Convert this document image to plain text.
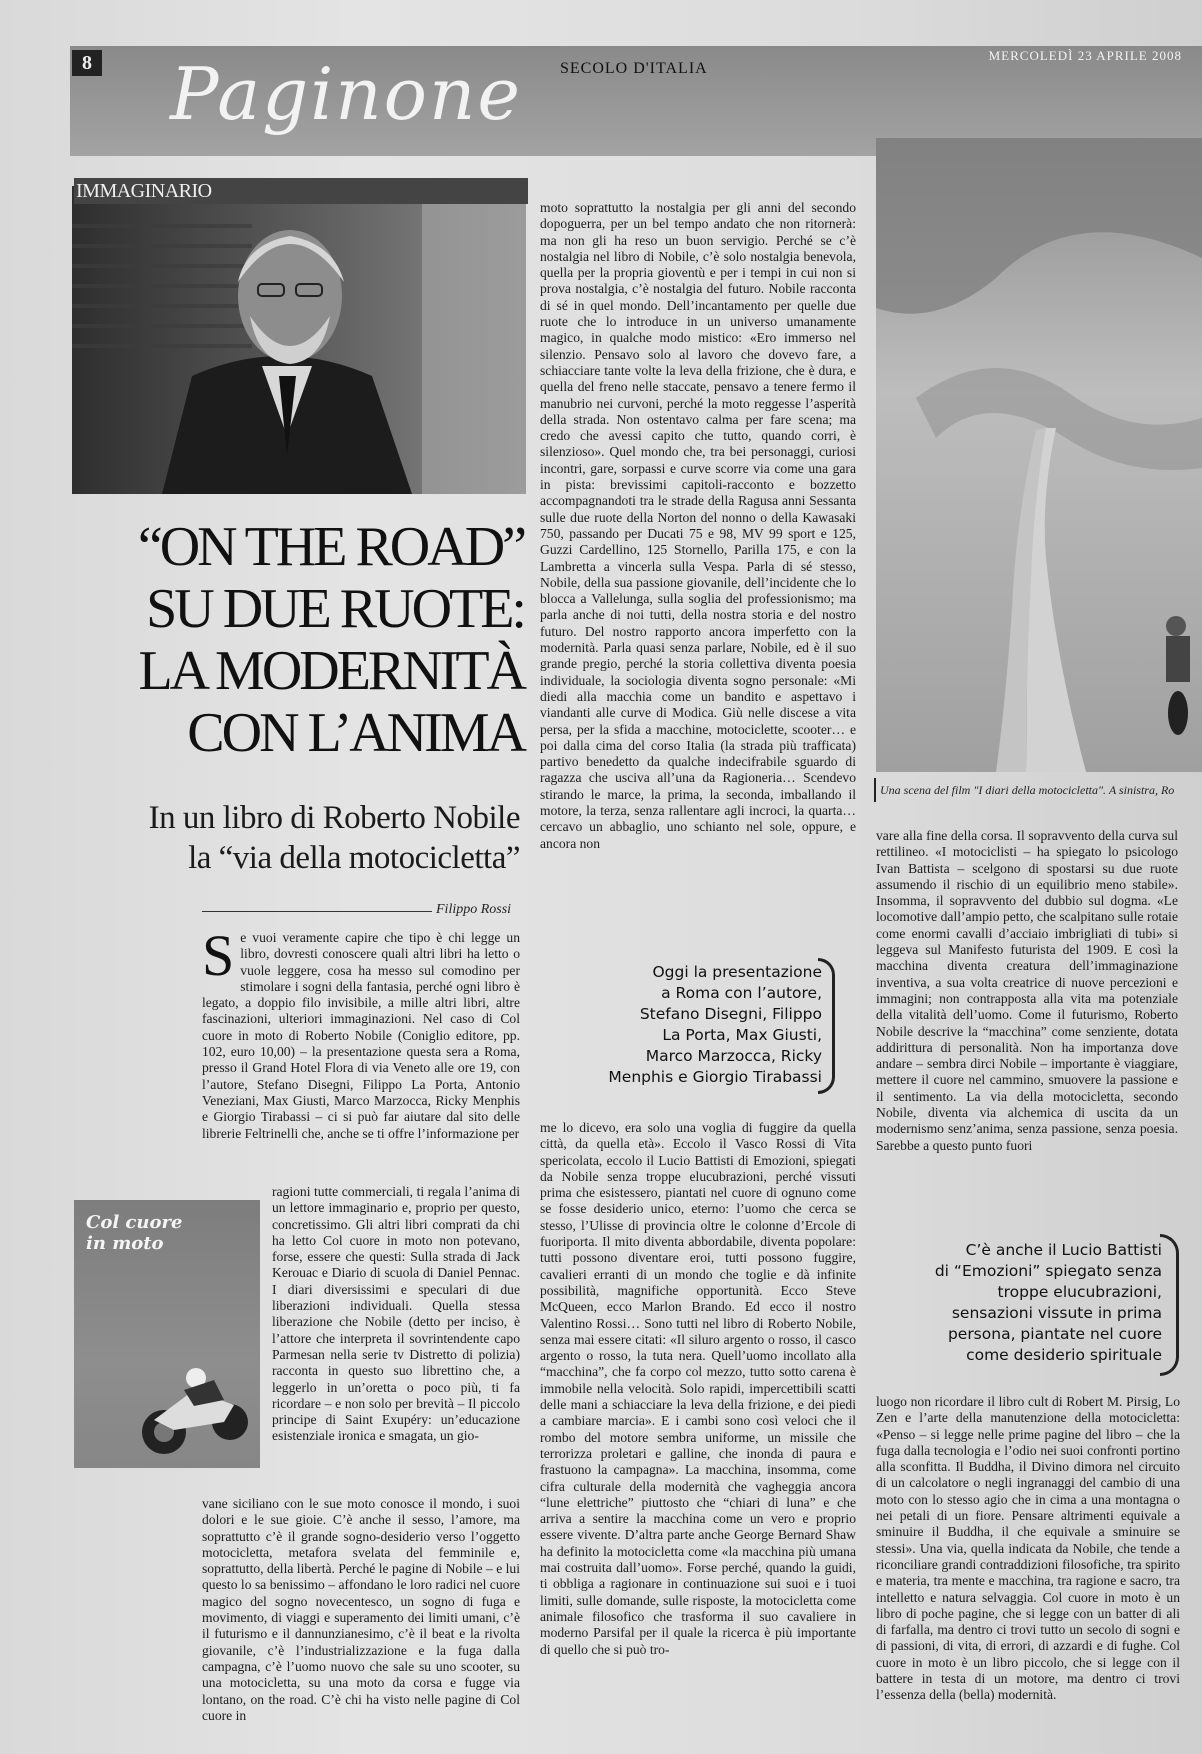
8 Paginone SECOLO D'ITALIA
MERCOLEDÌ 23 APRILE 2008
IMMAGINARIO
“ON THE ROAD”
SU DUE RUOTE:
LA MODERNITÀ
CON L’ANIMA
In un libro di Roberto Nobile
la “via della motocicletta”
Filippo Rossi
Se vuoi veramente capire che tipo è chi legge un libro, dovresti conoscere quali altri libri ha letto o vuole leggere, cosa ha messo sul comodino per stimolare i sogni della fantasia, perché ogni libro è legato, a doppio filo invisibile, a mille altri libri, altre fascinazioni, ulteriori immaginazioni. Nel caso di Col cuore in moto di Roberto Nobile (Coniglio editore, pp. 102, euro 10,00) – la presentazione questa sera a Roma, presso il Grand Hotel Flora di via Veneto alle ore 19, con l’autore, Stefano Disegni, Filippo La Porta, Antonio Veneziani, Max Giusti, Marco Marzocca, Ricky Menphis e Giorgio Tirabassi – ci si può far aiutare dal sito delle librerie Feltrinelli che, anche se ti offre l’informazione per
Col cuore
in moto
ragioni tutte commerciali, ti regala l’anima di un lettore immaginario e, proprio per questo, concretissimo. Gli altri libri comprati da chi ha letto Col cuore in moto non potevano, forse, essere che questi: Sulla strada di Jack Kerouac e Diario di scuola di Daniel Pennac. I diari diversissimi e speculari di due liberazioni individuali. Quella stessa liberazione che Nobile (detto per inciso, è l’attore che interpreta il sovrintendente capo Parmesan nella serie tv Distretto di polizia) racconta in questo suo librettino che, a leggerlo in un’oretta o poco più, ti fa ricordare – e non solo per brevità – Il piccolo principe di Saint Exupéry: un’educazione esistenziale ironica e smagata, un gio-
vane siciliano con le sue moto conosce il mondo, i suoi dolori e le sue gioie. C’è anche il sesso, l’amore, ma soprattutto c’è il grande sogno-desiderio verso l’oggetto motocicletta, metafora svelata del femminile e, soprattutto, della libertà. Perché le pagine di Nobile – e lui questo lo sa benissimo – affondano le loro radici nel cuore magico del sogno novecentesco, un sogno di fuga e movimento, di viaggi e superamento dei limiti umani, c’è il futurismo e il dannunzianesimo, c’è il beat e la rivolta giovanile, c’è l’industrializzazione e la fuga dalla campagna, c’è l’uomo nuovo che sale su uno scooter, su una motocicletta, su una moto da corsa e fugge via lontano, on the road. C’è chi ha visto nelle pagine di Col cuore in
moto soprattutto la nostalgia per gli anni del secondo dopoguerra, per un bel tempo andato che non ritornerà: ma non gli ha reso un buon servigio. Perché se c’è nostalgia nel libro di Nobile, c’è solo nostalgia benevola, quella per la propria gioventù e per i tempi in cui non si prova nostalgia, c’è nostalgia del futuro. Nobile racconta di sé in quel mondo. Dell’incantamento per quelle due ruote che lo introduce in un universo umanamente magico, in qualche modo mistico: «Ero immerso nel silenzio. Pensavo solo al lavoro che dovevo fare, a schiacciare tante volte la leva della frizione, che è dura, e quella del freno nelle staccate, pensavo a tenere fermo il manubrio nei curvoni, perché la moto reggesse l’asperità della strada. Non ostentavo calma per fare scena; ma credo che avessi capito che tutto, quando corri, è silenzioso». Quel mondo che, tra bei personaggi, curiosi incontri, gare, sorpassi e curve scorre via come una gara in pista: brevissimi capitoli-racconto e bozzetto accompagnandoti tra le strade della Ragusa anni Sessanta sulle due ruote della Norton del nonno o della Kawasaki 750, passando per Ducati 75 e 98, MV 99 sport e 125, Guzzi Cardellino, 125 Stornello, Parilla 175, e con la Lambretta a vincerla sulla Vespa. Parla di sé stesso, Nobile, della sua passione giovanile, dell’incidente che lo blocca a Vallelunga, sulla soglia del professionismo; ma parla anche di noi tutti, della nostra storia e del nostro futuro. Del nostro rapporto ancora imperfetto con la modernità. Parla quasi senza parlare, Nobile, ed è il suo grande pregio, perché la storia collettiva diventa poesia individuale, la sociologia diventa sogno personale: «Mi diedi alla macchia come un bandito e aspettavo i viandanti alle curve di Modica. Giù nelle discese a vita persa, per la sfida a macchine, motociclette, scooter… e poi dalla cima del corso Italia (la strada più trafficata) partivo benedetto da qualche indecifrabile sguardo di ragazza che usciva all’una da Ragioneria… Scendevo stirando le marce, la prima, la seconda, imballando il motore, la terza, senza rallentare agli incroci, la quarta… cercavo un abbaglio, uno schianto nel sole, oppure, e ancora non
Oggi la presentazione
a Roma con l’autore,
Stefano Disegni, Filippo
La Porta, Max Giusti,
Marco Marzocca, Ricky
Menphis e Giorgio Tirabassi
me lo dicevo, era solo una voglia di fuggire da quella città, da quella età». Eccolo il Vasco Rossi di Vita spericolata, eccolo il Lucio Battisti di Emozioni, spiegati da Nobile senza troppe elucubrazioni, perché vissuti prima che esistessero, piantati nel cuore di ognuno come se fosse desiderio unico, eterno: l’uomo che cerca se stesso, l’Ulisse di provincia oltre le colonne d’Ercole di fuoriporta. Il mito diventa abbordabile, diventa popolare: tutti possono diventare eroi, tutti possono fuggire, cavalieri erranti di un mondo che toglie e dà infinite possibilità, magnifiche opportunità. Ecco Steve McQueen, ecco Marlon Brando. Ed ecco il nostro Valentino Rossi… Sono tutti nel libro di Roberto Nobile, senza mai essere citati: «Il siluro argento o rosso, il casco argento o rosso, la tuta nera. Quell’uomo incollato alla “macchina”, che fa corpo col mezzo, tutto sotto carena è immobile nella velocità. Solo rapidi, impercettibili scatti delle mani a schiacciare la leva della frizione, e dei piedi a cambiare marcia». E i cambi sono così veloci che il rombo del motore sembra uniforme, un missile che terrorizza proletari e galline, che inonda di paura e frastuono la campagna». La macchina, insomma, come cifra culturale della modernità che vagheggia ancora “lune elettriche” piuttosto che “chiari di luna” e che arriva a sentire la macchina come un vero e proprio essere vivente. D’altra parte anche George Bernard Shaw ha definito la motocicletta come «la macchina più umana mai costruita dall’uomo». Forse perché, quando la guidi, ti obbliga a ragionare in continuazione sui suoi e i tuoi limiti, sulle domande, sulle risposte, la motocicletta come animale filosofico che trasforma il suo cavaliere in moderno Parsifal per il quale la ricerca è più importante di quello che si può tro-
Una scena del film "I diari della motocicletta". A sinistra, Ro
vare alla fine della corsa. Il sopravvento della curva sul rettilineo. «I motociclisti – ha spiegato lo psicologo Ivan Battista – scelgono di spostarsi su due ruote assumendo il rischio di un equilibrio meno stabile». Insomma, il sopravvento del dubbio sul dogma. «Le locomotive dall’ampio petto, che scalpitano sulle rotaie come enormi cavalli d’acciaio imbrigliati di tubi» si leggeva sul Manifesto futurista del 1909. E così la macchina diventa creatura dell’immaginazione inventiva, a sua volta creatrice di nuove percezioni e immagini; non contrapposta alla vita ma potenziale della vitalità dell’uomo. Come il futurismo, Roberto Nobile descrive la “macchina” come senziente, dotata addirittura di personalità. Non ha importanza dove andare – sembra dirci Nobile – importante è viaggiare, mettere il cuore nel cammino, smuovere la passione e il sentimento. La via della motocicletta, secondo Nobile, diventa via alchemica di uscita da un modernismo senz’anima, senza passione, senza poesia. Sarebbe a questo punto fuori
C’è anche il Lucio Battisti
di “Emozioni” spiegato senza
troppe elucubrazioni,
sensazioni vissute in prima
persona, piantate nel cuore
come desiderio spirituale
luogo non ricordare il libro cult di Robert M. Pirsig, Lo Zen e l’arte della manutenzione della motocicletta: «Penso – si legge nelle prime pagine del libro – che la fuga dalla tecnologia e l’odio nei suoi confronti portino alla sconfitta. Il Buddha, il Divino dimora nel circuito di un calcolatore o negli ingranaggi del cambio di una moto con lo stesso agio che in cima a una montagna o nei petali di un fiore. Pensare altrimenti equivale a sminuire il Buddha, il che equivale a sminuire se stessi». Una via, quella indicata da Nobile, che tende a riconciliare grandi contraddizioni filosofiche, tra spirito e materia, tra mente e macchina, tra ragione e sacro, tra intelletto e natura selvaggia. Col cuore in moto è un libro di poche pagine, che si legge con un batter di ali di farfalla, ma dentro ci trovi tutto un secolo di sogni e di passioni, di vita, di errori, di azzardi e di fughe. Col cuore in moto è un libro piccolo, che si legge con il battere in testa di un motore, ma dentro ci trovi l’essenza della (bella) modernità.
